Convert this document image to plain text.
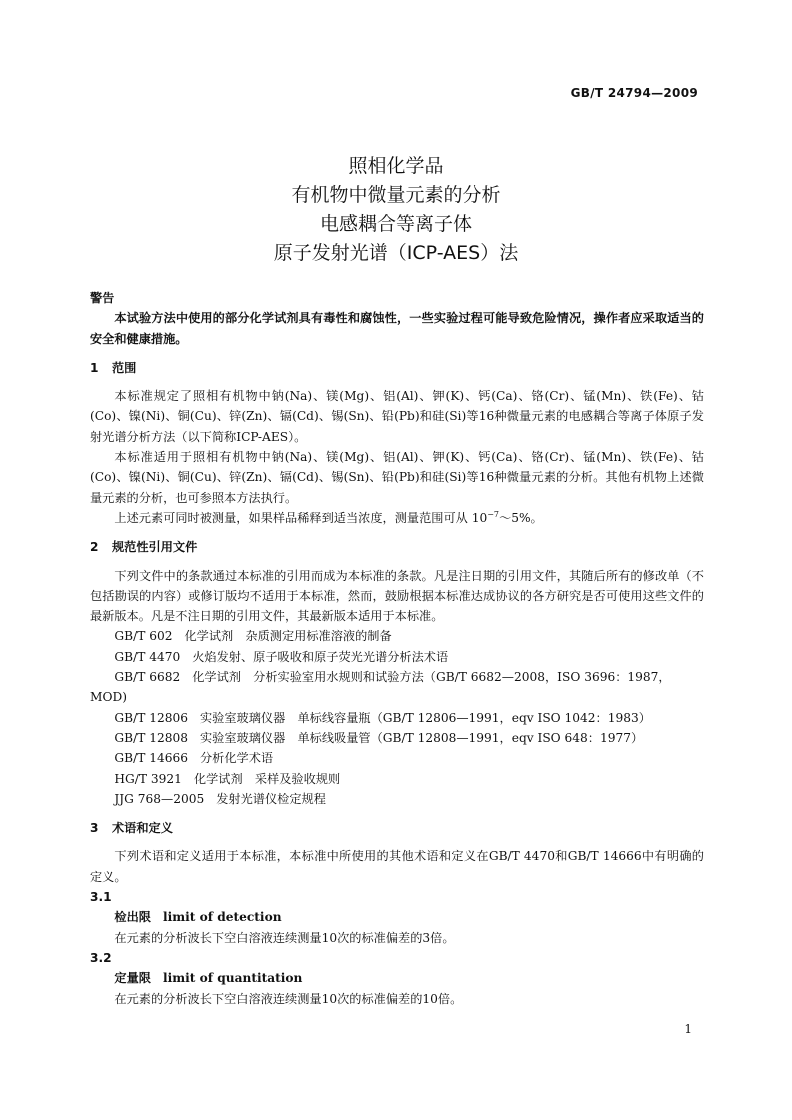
GB/T 24794—2009
照相化学品
有机物中微量元素的分析
电感耦合等离子体
原子发射光谱（ICP-AES）法

警告

本试验方法中使用的部分化学试剂具有毒性和腐蚀性，一些实验过程可能导致危险情况，操作者应采取适当的安全和健康措施。

1 范围

本标准规定了照相有机物中钠(Na)、镁(Mg)、铝(Al)、钾(K)、钙(Ca)、铬(Cr)、锰(Mn)、铁(Fe)、钴(Co)、镍(Ni)、铜(Cu)、锌(Zn)、镉(Cd)、锡(Sn)、铅(Pb)和硅(Si)等16种微量元素的电感耦合等离子体原子发射光谱分析方法（以下简称ICP-AES）。

本标准适用于照相有机物中钠(Na)、镁(Mg)、铝(Al)、钾(K)、钙(Ca)、铬(Cr)、锰(Mn)、铁(Fe)、钴(Co)、镍(Ni)、铜(Cu)、锌(Zn)、镉(Cd)、锡(Sn)、铅(Pb)和硅(Si)等16种微量元素的分析。其他有机物上述微量元素的分析，也可参照本方法执行。

上述元素可同时被测量，如果样品稀释到适当浓度，测量范围可从 $10^{-7}\sim 5\%$。

2 规范性引用文件

下列文件中的条款通过本标准的引用而成为本标准的条款。凡是注日期的引用文件，其随后所有的修改单（不包括勘误的内容）或修订版均不适用于本标准，然而，鼓励根据本标准达成协议的各方研究是否可使用这些文件的最新版本。凡是不注日期的引用文件，其最新版本适用于本标准。

GB/T 602 化学试剂　杂质测定用标准溶液的制备

GB/T 4470 火焰发射、原子吸收和原子荧光光谱分析法术语

GB/T 6682 化学试剂　分析实验室用水规则和试验方法（GB/T 6682—2008，ISO 3696：1987，

MOD)

GB/T 12806 实验室玻璃仪器　单标线容量瓶（GB/T 12806—1991，eqv ISO 1042：1983）

GB/T 12808 实验室玻璃仪器　单标线吸量管（GB/T 12808—1991，eqv ISO 648：1977）

GB/T 14666 分析化学术语

HG/T 3921 化学试剂　采样及验收规则

JJG 768—2005 发射光谱仪检定规程

3 术语和定义

下列术语和定义适用于本标准，本标准中所使用的其他术语和定义在GB/T 4470和GB/T 14666中有明确的定义。

3.1

检出限 limit of detection

在元素的分析波长下空白溶液连续测量10次的标准偏差的3倍。

3.2

定量限 limit of quantitation

在元素的分析波长下空白溶液连续测量10次的标准偏差的10倍。

1
